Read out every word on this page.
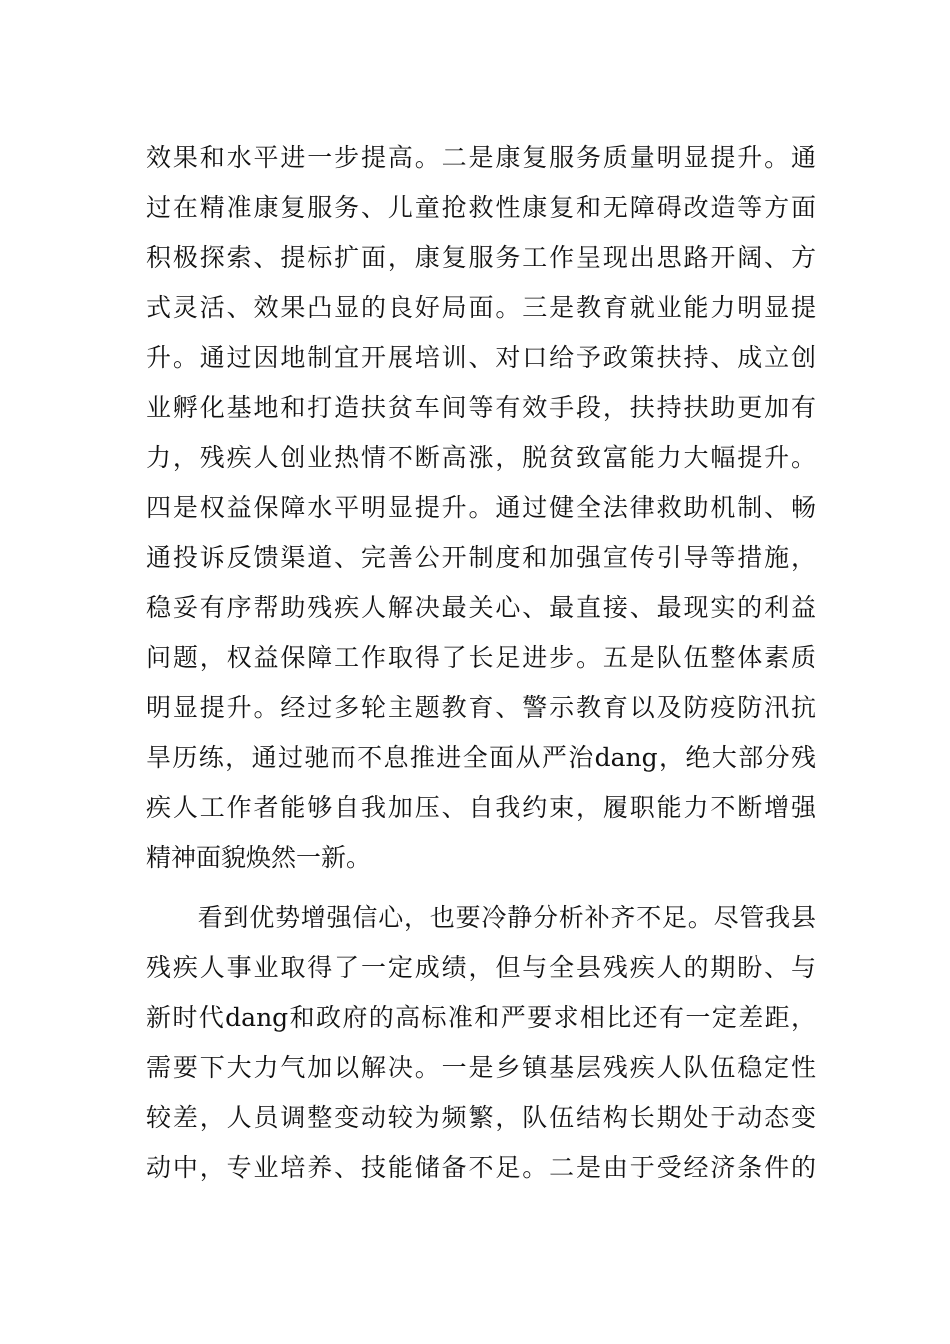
效果和水平进一步提高。二是康复服务质量明显提升。通
过在精准康复服务、儿童抢救性康复和无障碍改造等方面
积极探索、提标扩面，康复服务工作呈现出思路开阔、方
式灵活、效果凸显的良好局面。三是教育就业能力明显提
升。通过因地制宜开展培训、对口给予政策扶持、成立创
业孵化基地和打造扶贫车间等有效手段，扶持扶助更加有
力，残疾人创业热情不断高涨，脱贫致富能力大幅提升。
四是权益保障水平明显提升。通过健全法律救助机制、畅
通投诉反馈渠道、完善公开制度和加强宣传引导等措施，
稳妥有序帮助残疾人解决最关心、最直接、最现实的利益
问题，权益保障工作取得了长足进步。五是队伍整体素质
明显提升。经过多轮主题教育、警示教育以及防疫防汛抗
旱历练，通过驰而不息推进全面从严治dang，绝大部分残
疾人工作者能够自我加压、自我约束，履职能力不断增强
精神面貌焕然一新。
　　看到优势增强信心，也要冷静分析补齐不足。尽管我县
残疾人事业取得了一定成绩，但与全县残疾人的期盼、与
新时代dang和政府的高标准和严要求相比还有一定差距，
需要下大力气加以解决。一是乡镇基层残疾人队伍稳定性
较差，人员调整变动较为频繁，队伍结构长期处于动态变
动中，专业培养、技能储备不足。二是由于受经济条件的
